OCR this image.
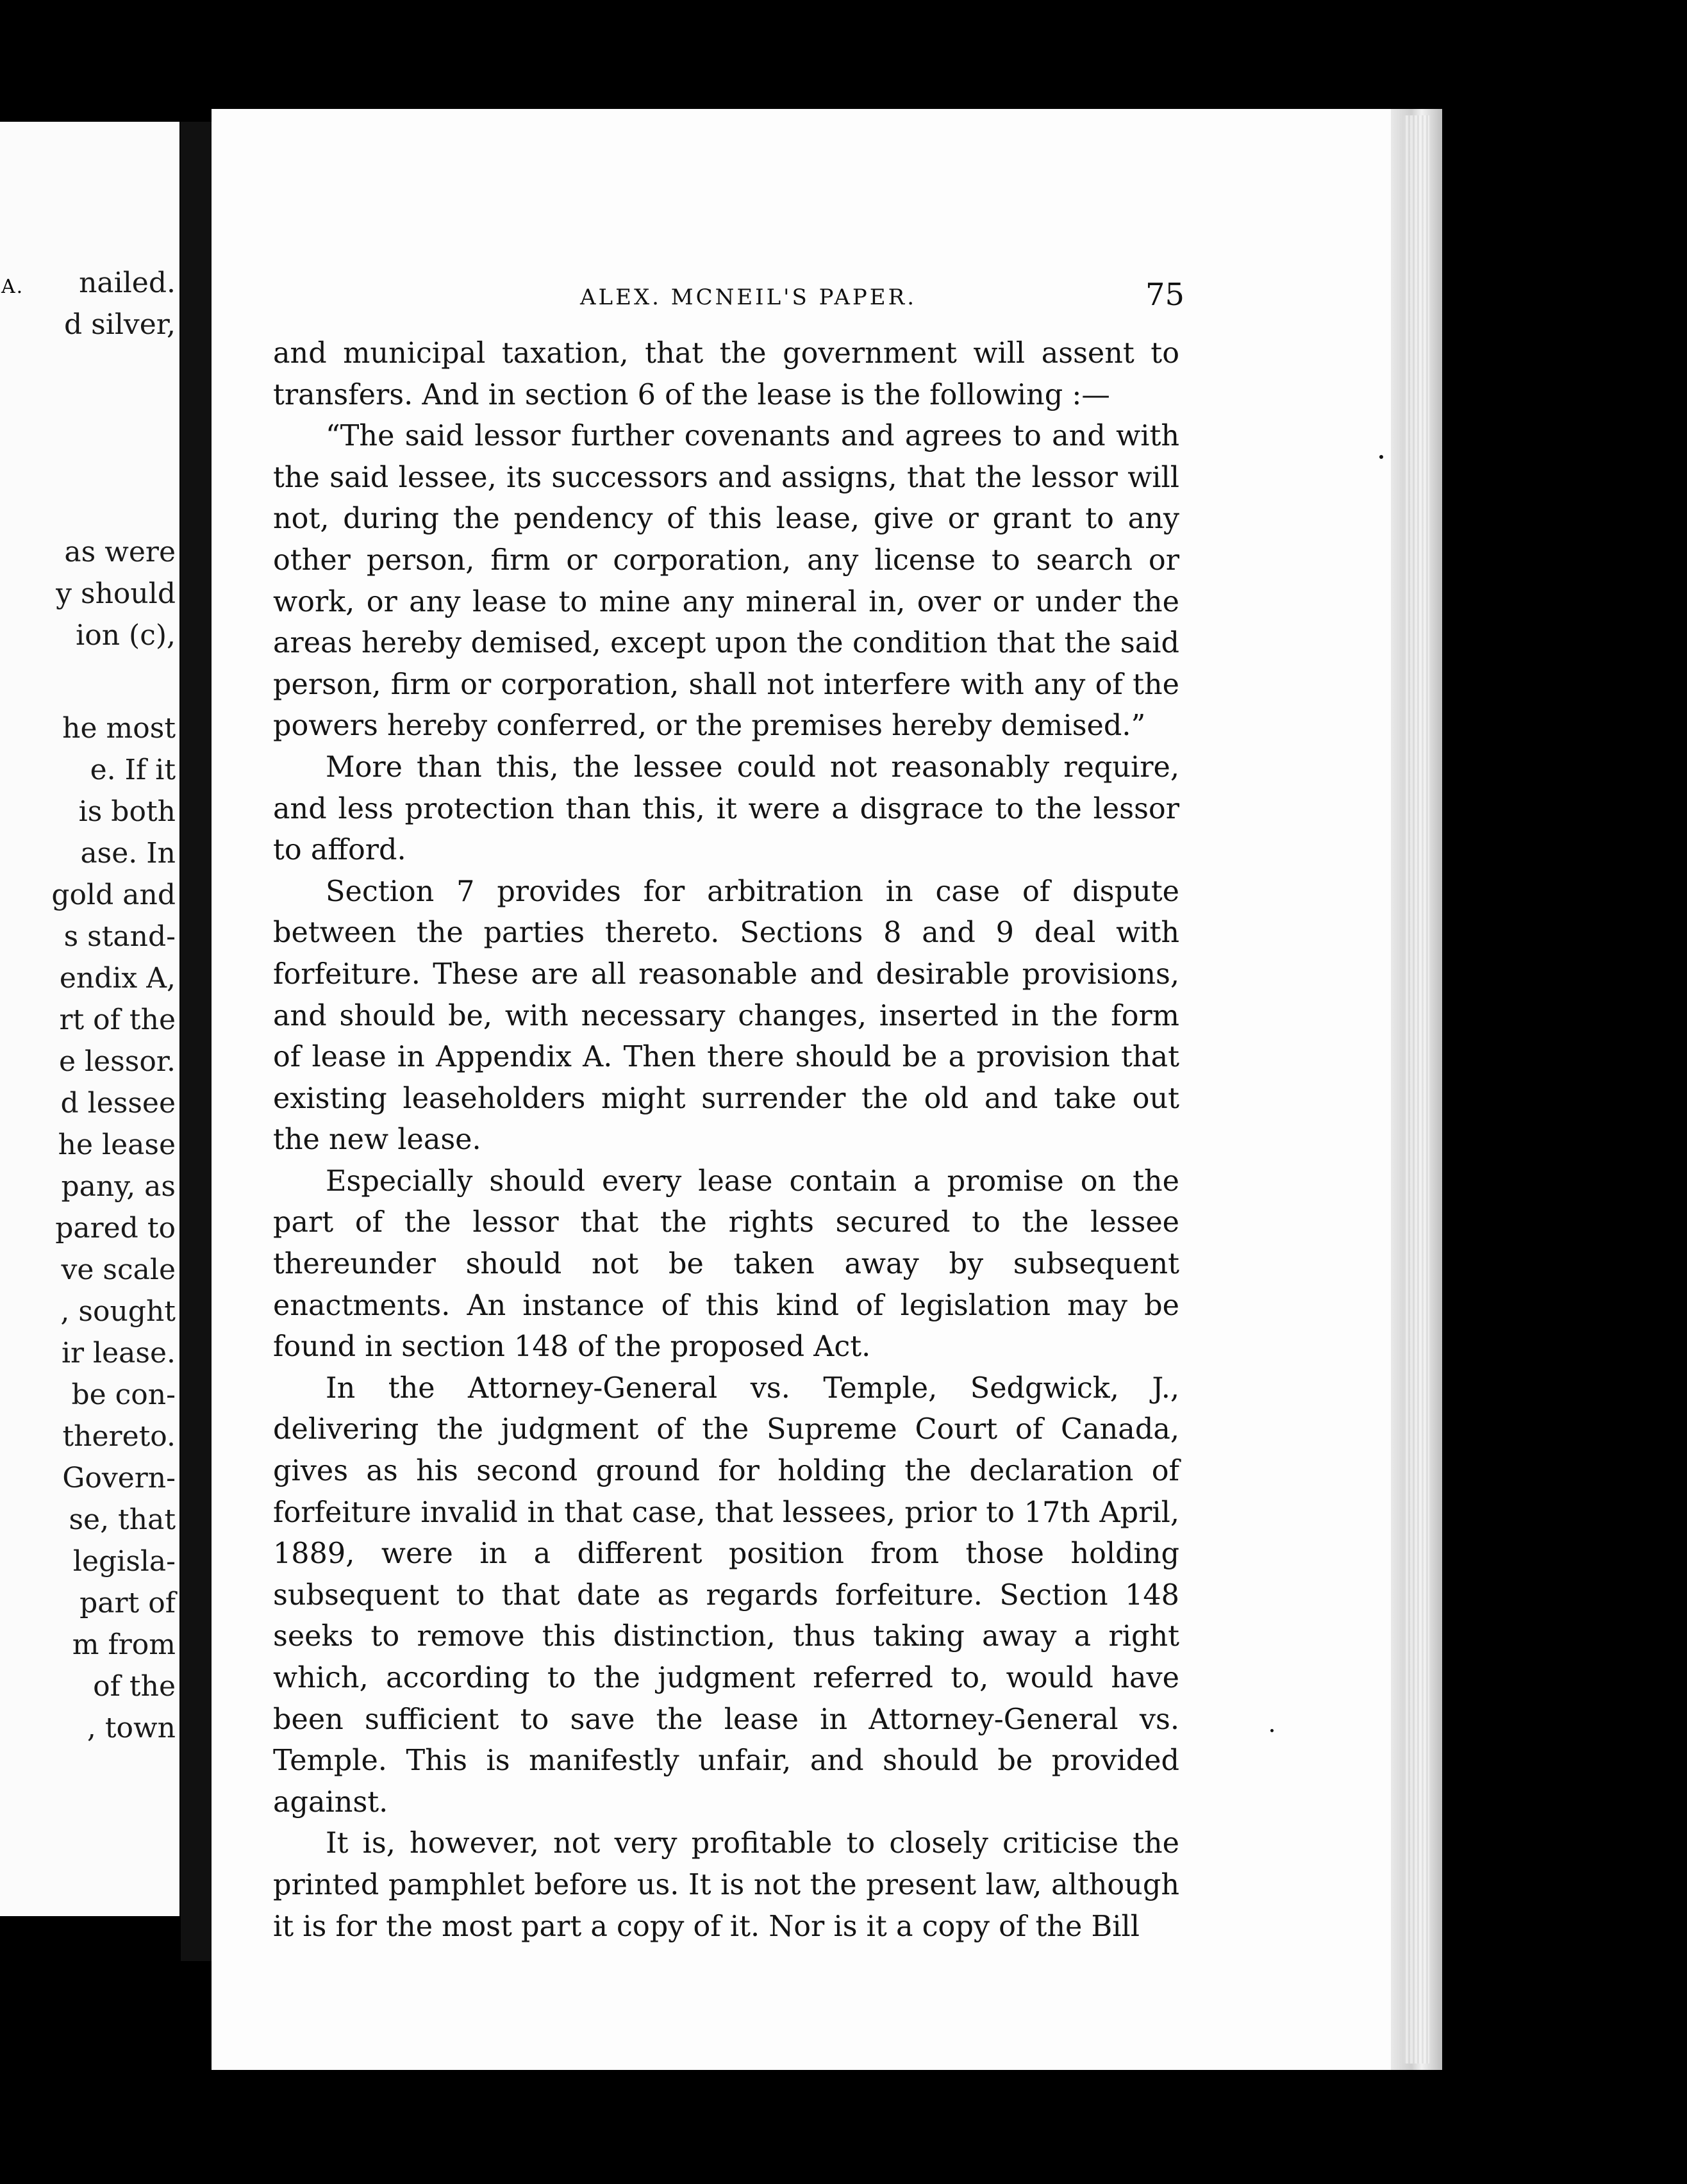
A. nailed.
d silver,
as were
y should
ion (c),
he most
e. If it
is both
ase. In
gold and
s stand-
endix A,
rt of the
e lessor.
d lessee
he lease
pany, as
pared to
ve scale
, sought
ir lease.
be con-
thereto.
Govern-
se, that
legisla-
part of
m from
of the
, town
ALEX. MCNEIL'S PAPER.	75

and municipal taxation, that the government will assent to transfers. And in section 6 of the lease is the following :—

“The said lessor further covenants and agrees to and with the said lessee, its successors and assigns, that the lessor will not, during the pendency of this lease, give or grant to any other person, firm or corporation, any license to search or work, or any lease to mine any mineral in, over or under the areas hereby demised, except upon the condition that the said person, firm or corporation, shall not interfere with any of the powers hereby conferred, or the premises hereby demised.”

More than this, the lessee could not reasonably require, and less protection than this, it were a disgrace to the lessor to afford.

Section 7 provides for arbitration in case of dispute between the parties thereto. Sections 8 and 9 deal with forfeiture. These are all reasonable and desirable provisions, and should be, with necessary changes, inserted in the form of lease in Appendix A. Then there should be a provision that existing leaseholders might surrender the old and take out the new lease.

Especially should every lease contain a promise on the part of the lessor that the rights secured to the lessee thereunder should not be taken away by subsequent enactments. An instance of this kind of legislation may be found in section 148 of the proposed Act.

In the Attorney-General vs. Temple, Sedgwick, J., delivering the judgment of the Supreme Court of Canada, gives as his second ground for holding the declaration of forfeiture invalid in that case, that lessees, prior to 17th April, 1889, were in a different position from those holding subsequent to that date as regards forfeiture. Section 148 seeks to remove this distinction, thus taking away a right which, according to the judgment referred to, would have been sufficient to save the lease in Attorney-General vs. Temple. This is manifestly unfair, and should be provided against.

It is, however, not very profitable to closely criticise the printed pamphlet before us. It is not the present law, although it is for the most part a copy of it. Nor is it a copy of the Bill
